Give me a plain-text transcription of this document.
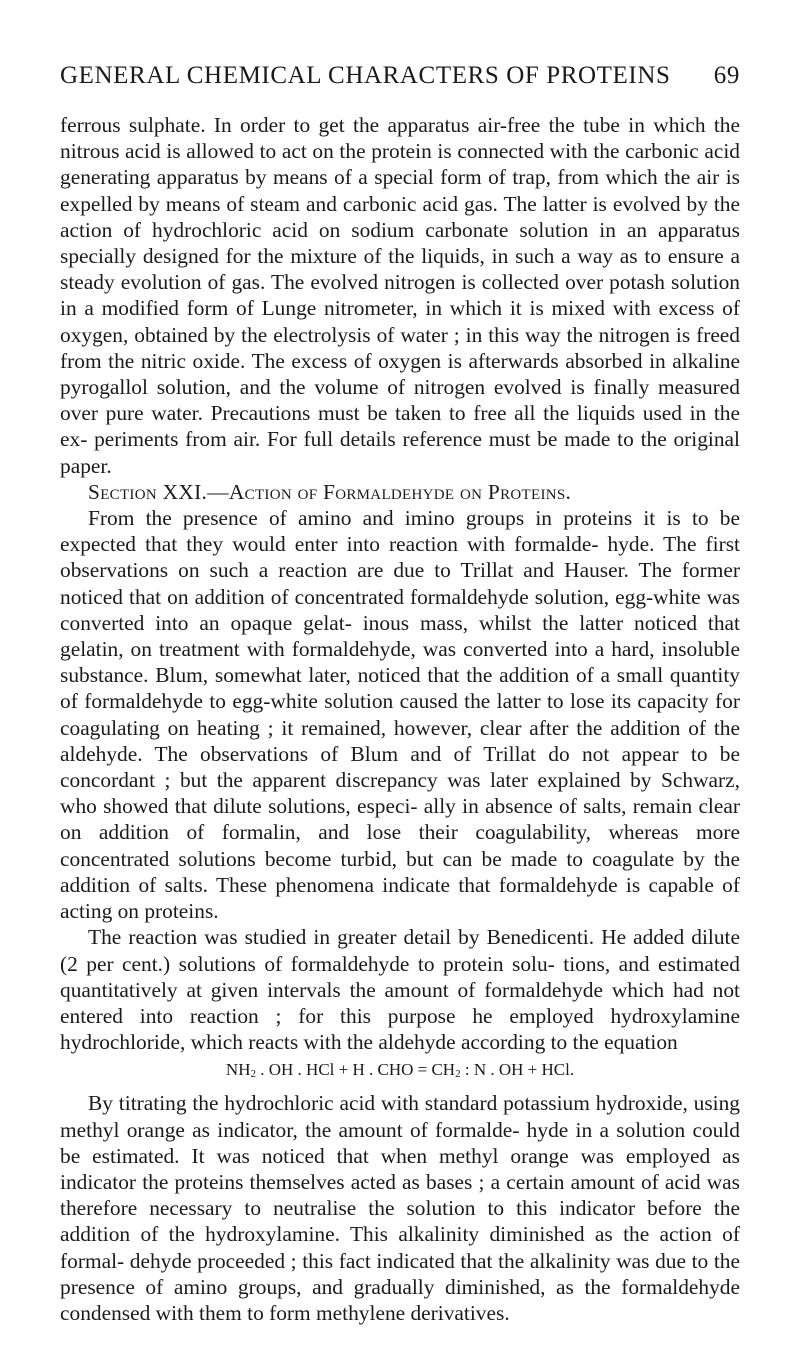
GENERAL CHEMICAL CHARACTERS OF PROTEINS 69

ferrous sulphate. In order to get the apparatus air-free the tube in which the nitrous acid is allowed to act on the protein is connected with the carbonic acid generating apparatus by means of a special form of trap, from which the air is expelled by means of steam and carbonic acid gas. The latter is evolved by the action of hydrochloric acid on sodium carbonate solution in an apparatus specially designed for the mixture of the liquids, in such a way as to ensure a steady evolution of gas. The evolved nitrogen is collected over potash solution in a modified form of Lunge nitrometer, in which it is mixed with excess of oxygen, obtained by the electrolysis of water ; in this way the nitrogen is freed from the nitric oxide. The excess of oxygen is afterwards absorbed in alkaline pyrogallol solution, and the volume of nitrogen evolved is finally measured over pure water. Precautions must be taken to free all the liquids used in the ex- periments from air. For full details reference must be made to the original paper.

Section XXI.—Action of Formaldehyde on Proteins.

From the presence of amino and imino groups in proteins it is to be expected that they would enter into reaction with formalde- hyde. The first observations on such a reaction are due to Trillat and Hauser. The former noticed that on addition of concentrated formaldehyde solution, egg-white was converted into an opaque gelat- inous mass, whilst the latter noticed that gelatin, on treatment with formaldehyde, was converted into a hard, insoluble substance. Blum, somewhat later, noticed that the addition of a small quantity of formaldehyde to egg-white solution caused the latter to lose its capacity for coagulating on heating ; it remained, however, clear after the addition of the aldehyde. The observations of Blum and of Trillat do not appear to be concordant ; but the apparent discrepancy was later explained by Schwarz, who showed that dilute solutions, especi- ally in absence of salts, remain clear on addition of formalin, and lose their coagulability, whereas more concentrated solutions become turbid, but can be made to coagulate by the addition of salts. These phenomena indicate that formaldehyde is capable of acting on proteins.

The reaction was studied in greater detail by Benedicenti. He added dilute (2 per cent.) solutions of formaldehyde to protein solu- tions, and estimated quantitatively at given intervals the amount of formaldehyde which had not entered into reaction ; for this purpose he employed hydroxylamine hydrochloride, which reacts with the aldehyde according to the equation

$NH_2$ . OH . HCl + H . CHO = $CH_2$ : N . OH + HCl.

By titrating the hydrochloric acid with standard potassium hydroxide, using methyl orange as indicator, the amount of formalde- hyde in a solution could be estimated. It was noticed that when methyl orange was employed as indicator the proteins themselves acted as bases ; a certain amount of acid was therefore necessary to neutralise the solution to this indicator before the addition of the hydroxylamine. This alkalinity diminished as the action of formal- dehyde proceeded ; this fact indicated that the alkalinity was due to the presence of amino groups, and gradually diminished, as the formaldehyde condensed with them to form methylene derivatives.
